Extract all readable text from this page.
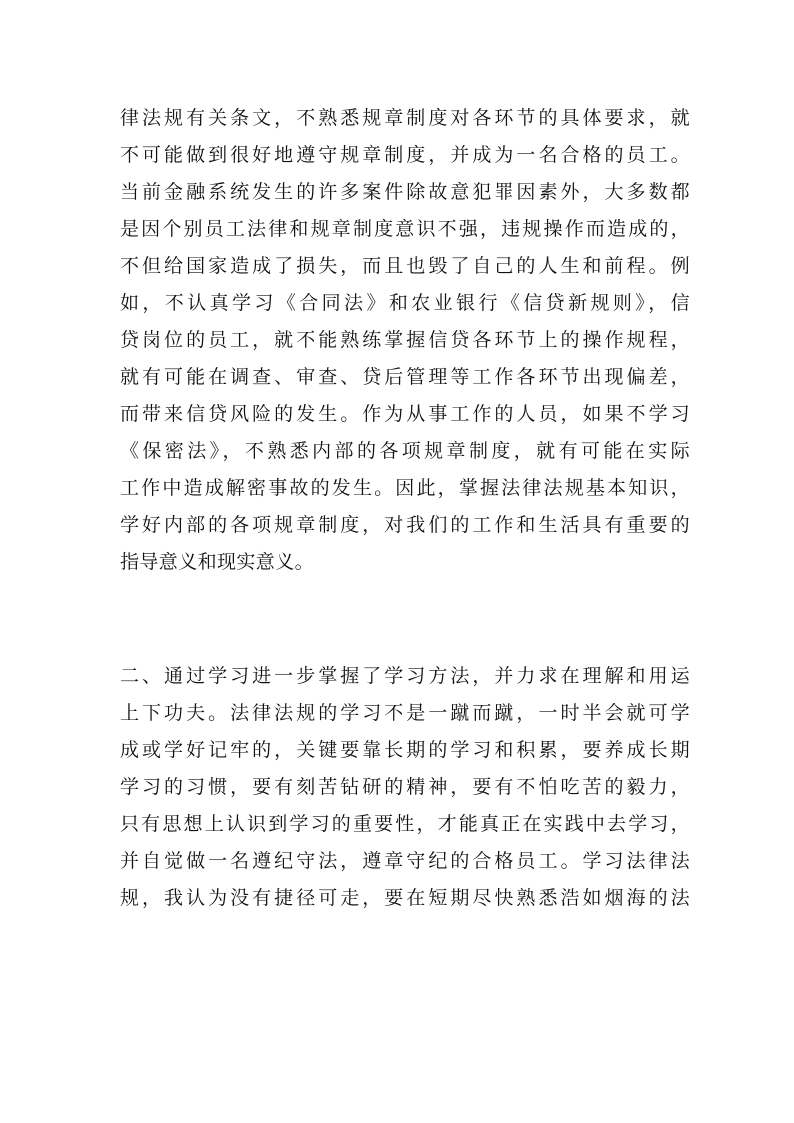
律法规有关条文，不熟悉规章制度对各环节的具体要求，就
不可能做到很好地遵守规章制度，并成为一名合格的员工。
当前金融系统发生的许多案件除故意犯罪因素外，大多数都
是因个别员工法律和规章制度意识不强，违规操作而造成的，
不但给国家造成了损失，而且也毁了自己的人生和前程。例
如，不认真学习《合同法》和农业银行《信贷新规则》，信
贷岗位的员工，就不能熟练掌握信贷各环节上的操作规程，
就有可能在调查、审查、贷后管理等工作各环节出现偏差，
而带来信贷风险的发生。作为从事工作的人员，如果不学习
《保密法》，不熟悉内部的各项规章制度，就有可能在实际
工作中造成解密事故的发生。因此，掌握法律法规基本知识，
学好内部的各项规章制度，对我们的工作和生活具有重要的
指导意义和现实意义。
二、通过学习进一步掌握了学习方法，并力求在理解和用运
上下功夫。法律法规的学习不是一蹴而蹴，一时半会就可学
成或学好记牢的，关键要靠长期的学习和积累，要养成长期
学习的习惯，要有刻苦钻研的精神，要有不怕吃苦的毅力，
只有思想上认识到学习的重要性，才能真正在实践中去学习，
并自觉做一名遵纪守法，遵章守纪的合格员工。学习法律法
规，我认为没有捷径可走，要在短期尽快熟悉浩如烟海的法
